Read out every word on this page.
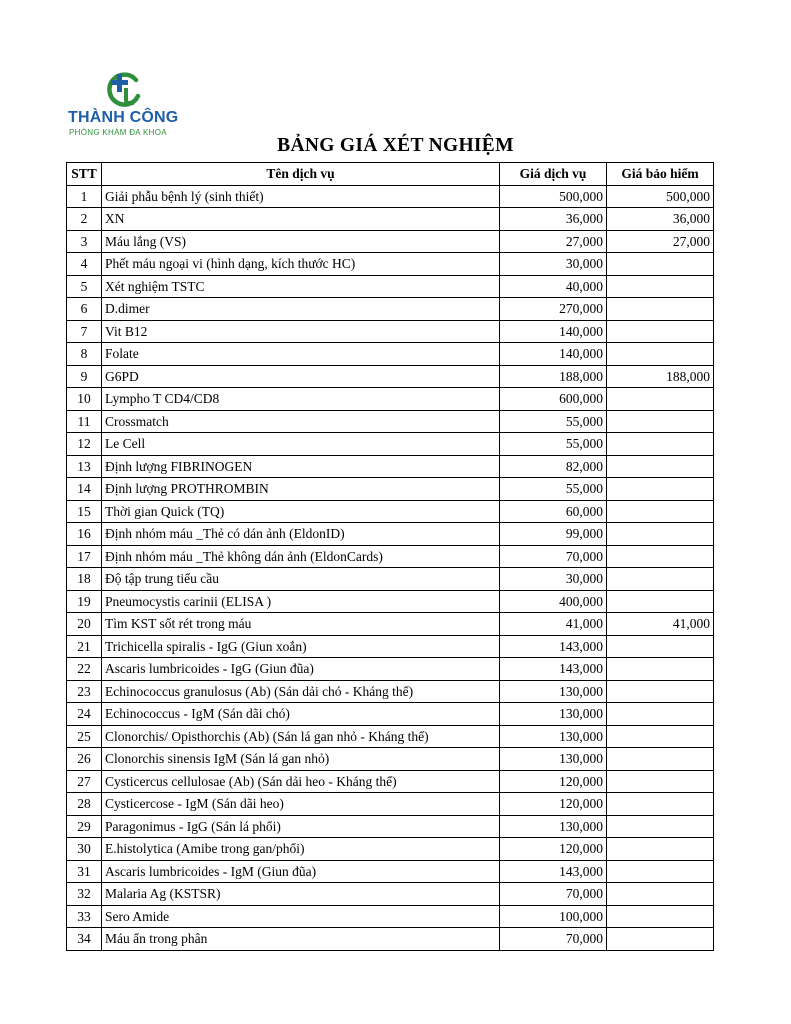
THÀNH CÔNG
PHÒNG KHÁM ĐA KHOA
BẢNG GIÁ XÉT NGHIỆM
STT	Tên dịch vụ	Giá dịch vụ	Giá bảo hiểm
1	Giải phẫu bệnh lý (sinh thiết)	500,000	500,000
2	XN	36,000	36,000
3	Máu lắng (VS)	27,000	27,000
4	Phết máu ngoại vi (hình dạng, kích thước HC)	30,000	
5	Xét nghiệm TSTC	40,000	
6	D.dimer	270,000	
7	Vit B12	140,000	
8	Folate	140,000	
9	G6PD	188,000	188,000
10	Lympho T CD4/CD8	600,000	
11	Crossmatch	55,000	
12	Le Cell	55,000	
13	Định lượng FIBRINOGEN	82,000	
14	Định lượng PROTHROMBIN	55,000	
15	Thời gian Quick (TQ)	60,000	
16	Định nhóm máu _Thẻ có dán ảnh (EldonID)	99,000	
17	Định nhóm máu _Thẻ không dán ảnh (EldonCards)	70,000	
18	Độ tập trung tiểu cầu	30,000	
19	Pneumocystis carinii (ELISA )	400,000	
20	Tìm KST sốt rét trong máu	41,000	41,000
21	Trichicella spiralis - IgG (Giun xoắn)	143,000	
22	Ascaris lumbricoides - IgG (Giun đũa)	143,000	
23	Echinococcus granulosus (Ab) (Sán dải chó - Kháng thể)	130,000	
24	Echinococcus - IgM (Sán dãi chó)	130,000	
25	Clonorchis/ Opisthorchis (Ab) (Sán lá gan nhỏ - Kháng thể)	130,000	
26	Clonorchis sinensis IgM (Sán lá gan nhỏ)	130,000	
27	Cysticercus cellulosae (Ab) (Sán dải heo - Kháng thể)	120,000	
28	Cysticercose - IgM (Sán dãi heo)	120,000	
29	Paragonimus - IgG (Sán lá phổi)	130,000	
30	E.histolytica (Amibe trong gan/phổi)	120,000	
31	Ascaris lumbricoides - IgM (Giun đũa)	143,000	
32	Malaria Ag (KSTSR)	70,000	
33	Sero Amide	100,000	
34	Máu ẩn trong phân	70,000	
